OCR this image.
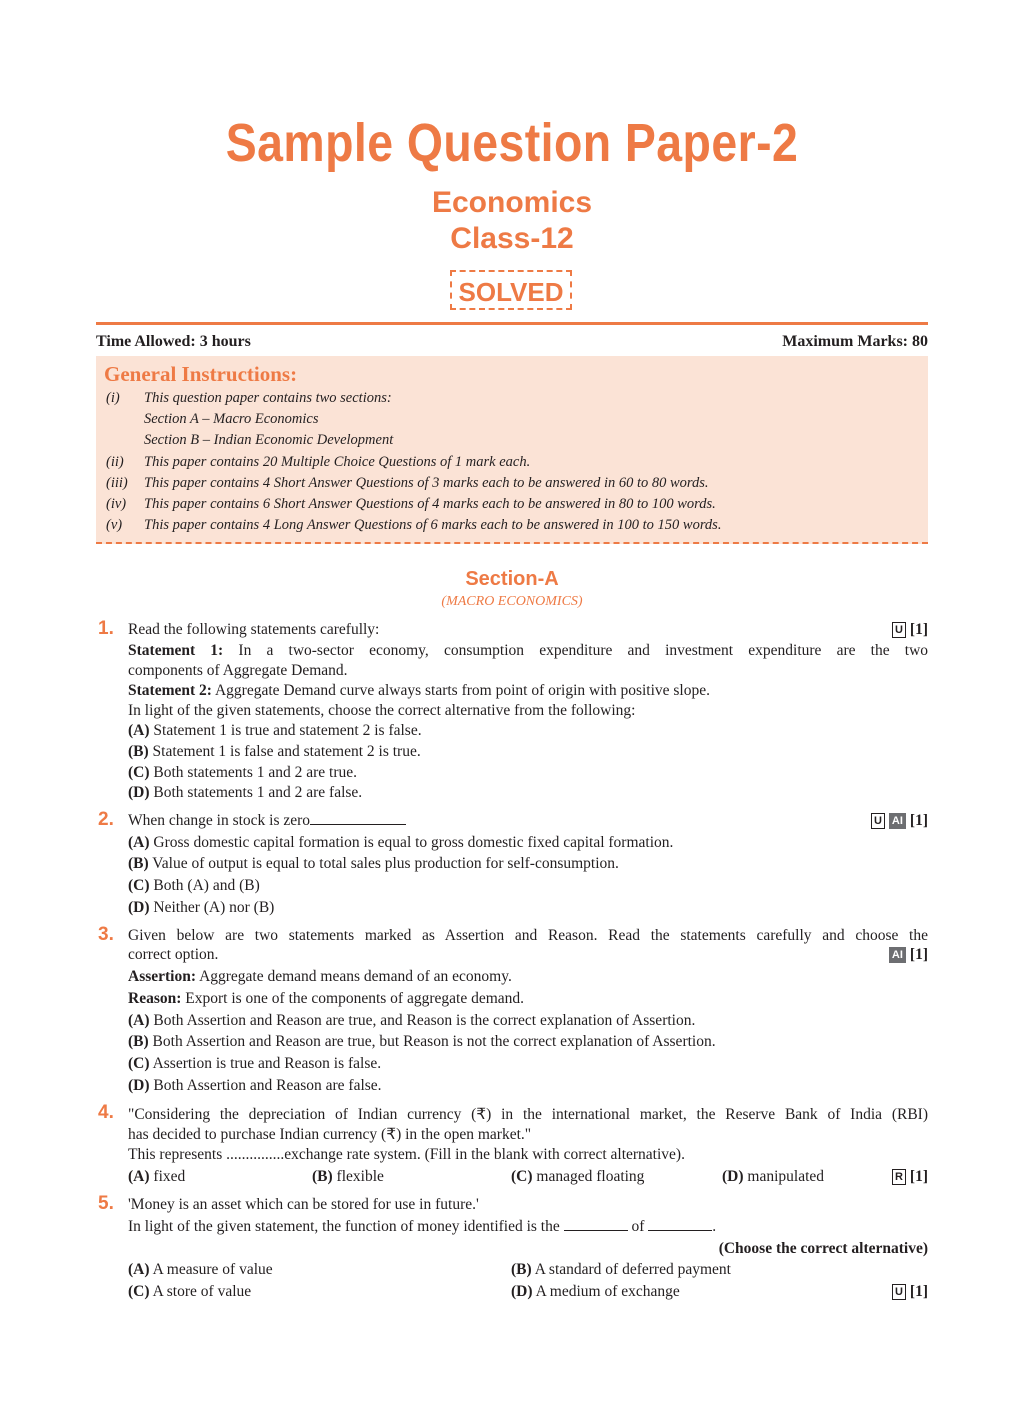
Sample Question Paper-2
Economics
Class-12
SOLVED
Time Allowed: 3 hours	Maximum Marks: 80
General Instructions:
(i) This question paper contains two sections:
Section A – Macro Economics
Section B – Indian Economic Development
(ii) This paper contains 20 Multiple Choice Questions of 1 mark each.
(iii) This paper contains 4 Short Answer Questions of 3 marks each to be answered in 60 to 80 words.
(iv) This paper contains 6 Short Answer Questions of 4 marks each to be answered in 80 to 100 words.
(v) This paper contains 4 Long Answer Questions of 6 marks each to be answered in 100 to 150 words.
Section-A
(MACRO ECONOMICS)
1. Read the following statements carefully:	U [1]
Statement 1: In a two-sector economy, consumption expenditure and investment expenditure are the two
components of Aggregate Demand.
Statement 2: Aggregate Demand curve always starts from point of origin with positive slope.
In light of the given statements, choose the correct alternative from the following:
(A) Statement 1 is true and statement 2 is false.
(B) Statement 1 is false and statement 2 is true.
(C) Both statements 1 and 2 are true.
(D) Both statements 1 and 2 are false.
2. When change in stock is zero	U AI [1]
(A) Gross domestic capital formation is equal to gross domestic fixed capital formation.
(B) Value of output is equal to total sales plus production for self-consumption.
(C) Both (A) and (B)
(D) Neither (A) nor (B)
3. Given below are two statements marked as Assertion and Reason. Read the statements carefully and choose the
correct option.	AI [1]
Assertion: Aggregate demand means demand of an economy.
Reason: Export is one of the components of aggregate demand.
(A) Both Assertion and Reason are true, and Reason is the correct explanation of Assertion.
(B) Both Assertion and Reason are true, but Reason is not the correct explanation of Assertion.
(C) Assertion is true and Reason is false.
(D) Both Assertion and Reason are false.
4. "Considering the depreciation of Indian currency (₹) in the international market, the Reserve Bank of India (RBI)
has decided to purchase Indian currency (₹) in the open market."
This represents ...............exchange rate system. (Fill in the blank with correct alternative).
(A) fixed	(B) flexible	(C) managed floating	(D) manipulated	R [1]
5. 'Money is an asset which can be stored for use in future.'
In light of the given statement, the function of money identified is the	of	.
(Choose the correct alternative)
(A) A measure of value	(B) A standard of deferred payment
(C) A store of value	(D) A medium of exchange	U [1]
